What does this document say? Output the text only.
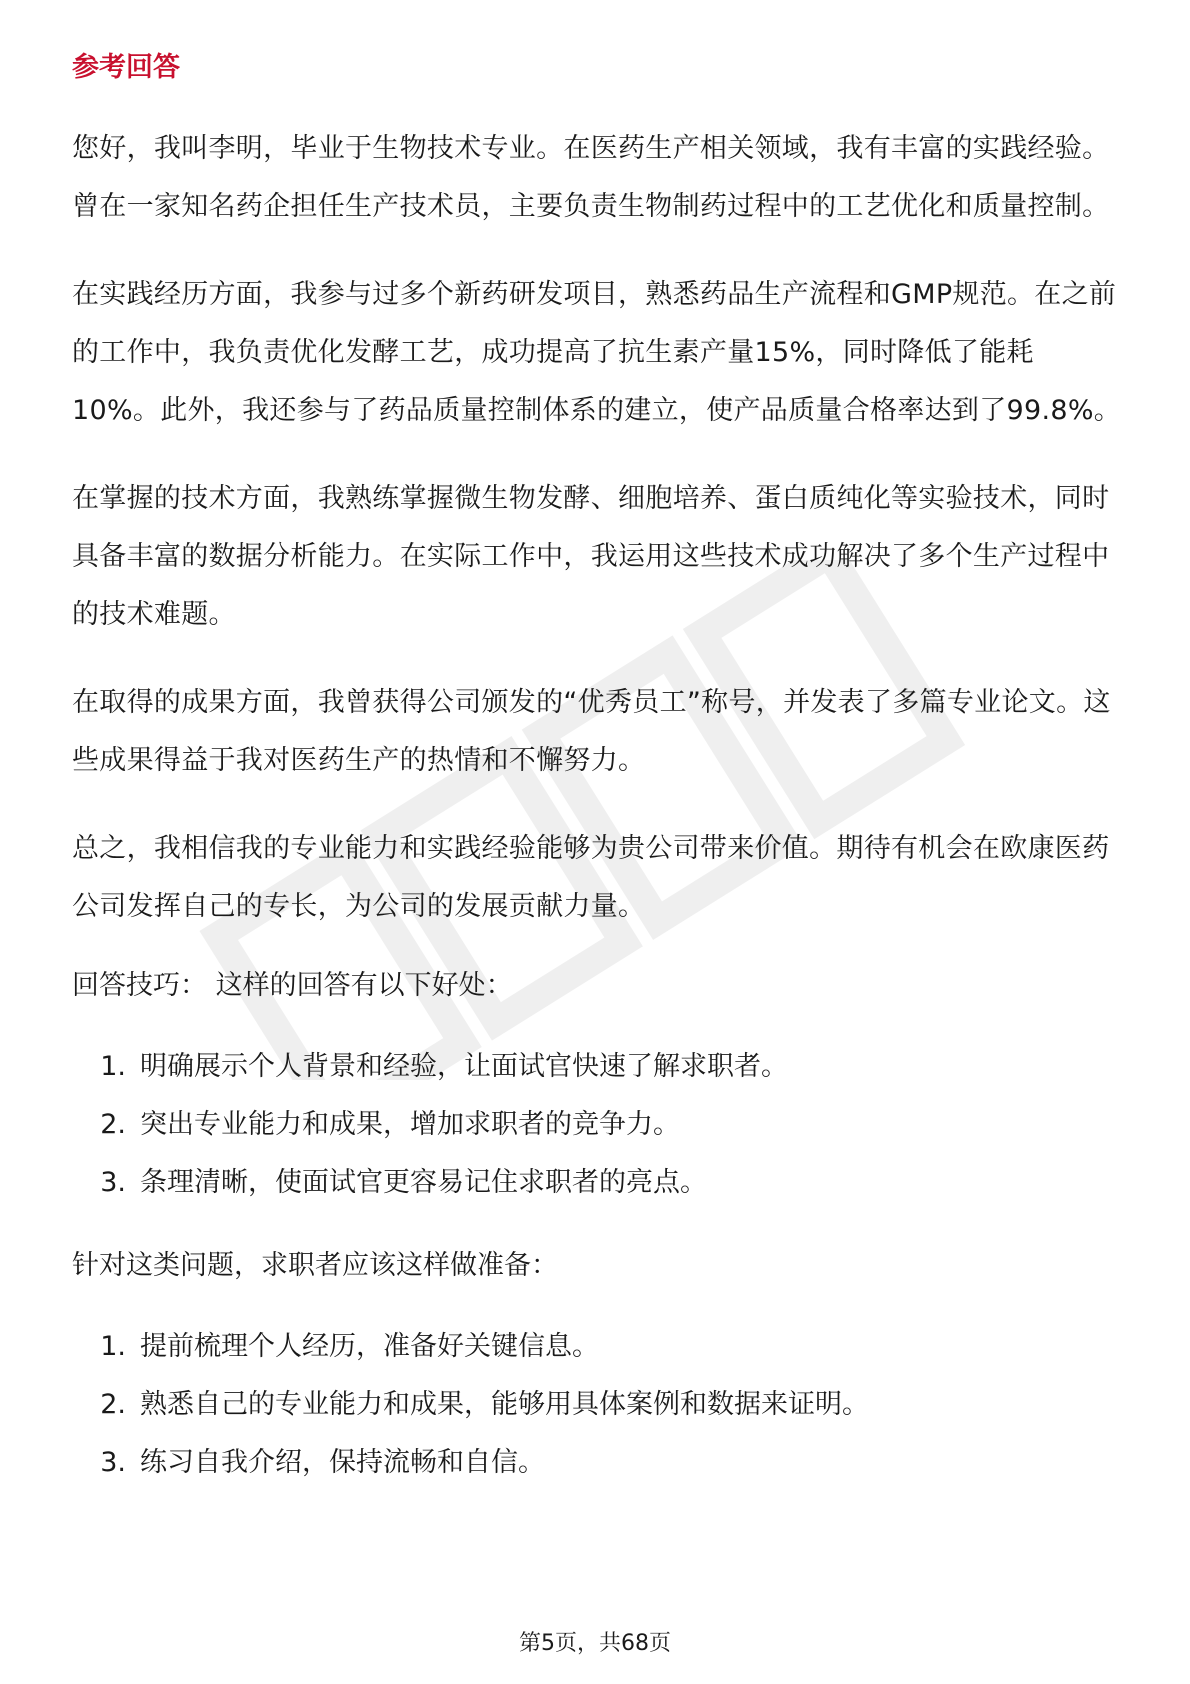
参考回答

您好，我叫李明，毕业于生物技术专业。在医药生产相关领域，我有丰富的实践经验。曾在一家知名药企担任生产技术员，主要负责生物制药过程中的工艺优化和质量控制。

在实践经历方面，我参与过多个新药研发项目，熟悉药品生产流程和GMP规范。在之前的工作中，我负责优化发酵工艺，成功提高了抗生素产量15%，同时降低了能耗10%。此外，我还参与了药品质量控制体系的建立，使产品质量合格率达到了99.8%。

在掌握的技术方面，我熟练掌握微生物发酵、细胞培养、蛋白质纯化等实验技术，同时具备丰富的数据分析能力。在实际工作中，我运用这些技术成功解决了多个生产过程中的技术难题。

在取得的成果方面，我曾获得公司颁发的“优秀员工”称号，并发表了多篇专业论文。这些成果得益于我对医药生产的热情和不懈努力。

总之，我相信我的专业能力和实践经验能够为贵公司带来价值。期待有机会在欧康医药公司发挥自己的专长，为公司的发展贡献力量。

回答技巧： 这样的回答有以下好处：
1. 明确展示个人背景和经验，让面试官快速了解求职者。
2. 突出专业能力和成果，增加求职者的竞争力。
3. 条理清晰，使面试官更容易记住求职者的亮点。
针对这类问题，求职者应该这样做准备：
1. 提前梳理个人经历，准备好关键信息。
2. 熟悉自己的专业能力和成果，能够用具体案例和数据来证明。
3. 练习自我介绍，保持流畅和自信。
第5页，共68页
